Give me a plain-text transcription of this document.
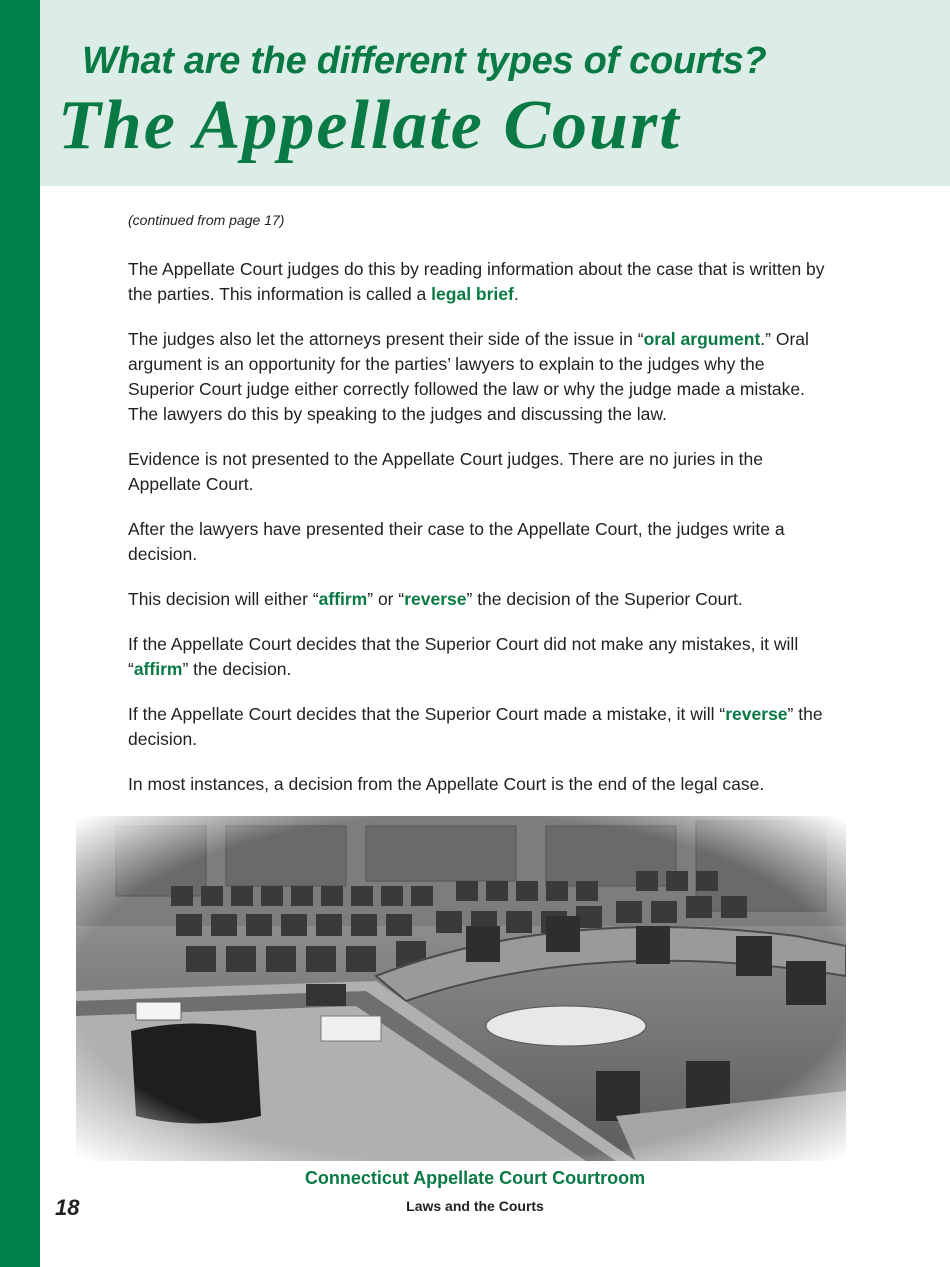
What are the different types of courts?
The Appellate Court

(continued from page 17)

The Appellate Court judges do this by reading information about the case that is written by the parties. This information is called a legal brief.

The judges also let the attorneys present their side of the issue in “oral argument.” Oral argument is an opportunity for the parties’ lawyers to explain to the judges why the Superior Court judge either correctly followed the law or why the judge made a mistake. The lawyers do this by speaking to the judges and discussing the law.

Evidence is not presented to the Appellate Court judges. There are no juries in the Appellate Court.

After the lawyers have presented their case to the Appellate Court, the judges write a decision.

This decision will either “affirm” or “reverse” the decision of the Superior Court.

If the Appellate Court decides that the Superior Court did not make any mistakes, it will “affirm” the decision.

If the Appellate Court decides that the Superior Court made a mistake, it will “reverse” the decision.

In most instances, a decision from the Appellate Court is the end of the legal case.

Connecticut Appellate Court Courtroom
18	Laws and the Courts
